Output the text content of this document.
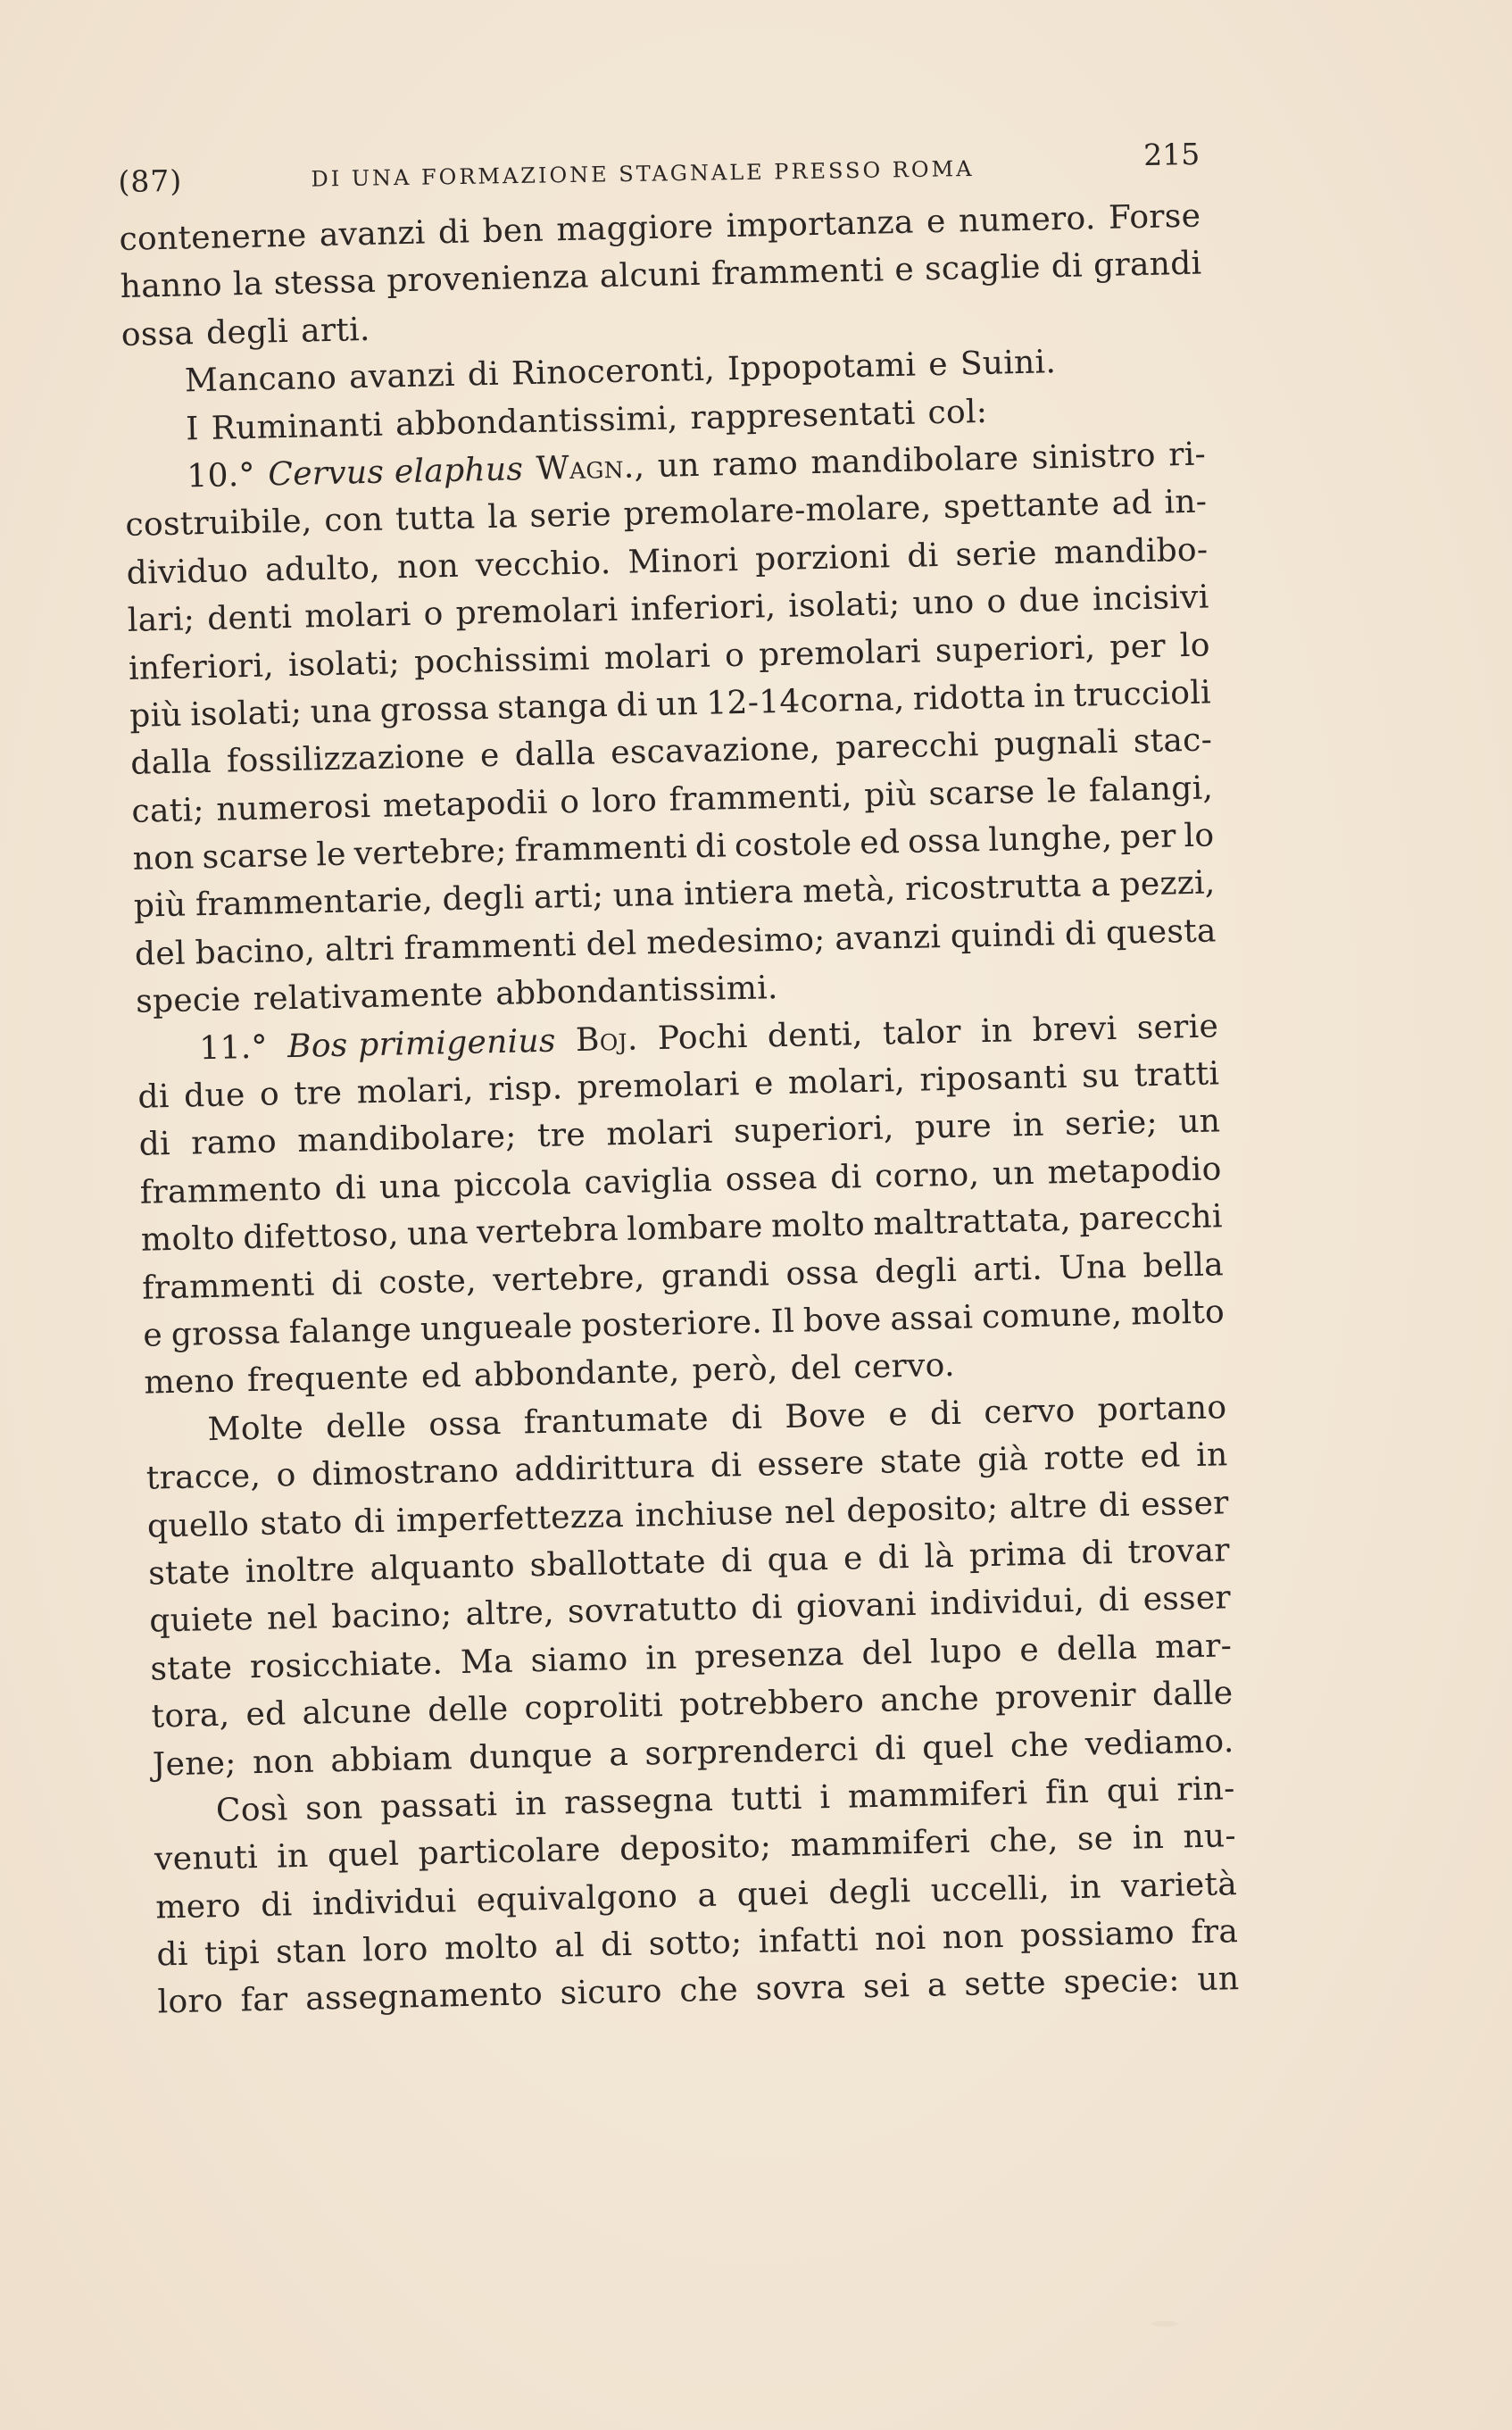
(87)	DI UNA FORMAZIONE STAGNALE PRESSO ROMA
215
contenerne avanzi di ben maggiore importanza e numero. Forse
hanno la stessa provenienza alcuni frammenti e scaglie di grandi
ossa degli arti.
Mancano avanzi di Rinoceronti, Ippopotami e Suini.
I Ruminanti abbondantissimi, rappresentati col:
10.° Cervus elaphus Wagn., un ramo mandibolare sinistro ri-
costruibile, con tutta la serie premolare-molare, spettante ad in-
dividuo adulto, non vecchio. Minori porzioni di serie mandibo-
lari; denti molari o premolari inferiori, isolati; uno o due incisivi
inferiori, isolati; pochissimi molari o premolari superiori, per lo
più isolati; una grossa stanga di un 12-14corna, ridotta in truccioli
dalla fossilizzazione e dalla escavazione, parecchi pugnali stac-
cati; numerosi metapodii o loro frammenti, più scarse le falangi,
non scarse le vertebre; frammenti di costole ed ossa lunghe, per lo
più frammentarie, degli arti; una intiera metà, ricostrutta a pezzi,
del bacino, altri frammenti del medesimo; avanzi quindi di questa
specie relativamente abbondantissimi.
11.° Bos primigenius Boj. Pochi denti, talor in brevi serie
di due o tre molari, risp. premolari e molari, riposanti su tratti
di ramo mandibolare; tre molari superiori, pure in serie; un
frammento di una piccola caviglia ossea di corno, un metapodio
molto difettoso, una vertebra lombare molto maltrattata, parecchi
frammenti di coste, vertebre, grandi ossa degli arti. Una bella
e grossa falange ungueale posteriore. Il bove assai comune, molto
meno frequente ed abbondante, però, del cervo.
Molte delle ossa frantumate di Bove e di cervo portano
tracce, o dimostrano addirittura di essere state già rotte ed in
quello stato di imperfettezza inchiuse nel deposito; altre di esser
state inoltre alquanto sballottate di qua e di là prima di trovar
quiete nel bacino; altre, sovratutto di giovani individui, di esser
state rosicchiate. Ma siamo in presenza del lupo e della mar-
tora, ed alcune delle coproliti potrebbero anche provenir dalle
Jene; non abbiam dunque a sorprenderci di quel che vediamo.
Così son passati in rassegna tutti i mammiferi fin qui rin-
venuti in quel particolare deposito; mammiferi che, se in nu-
mero di individui equivalgono a quei degli uccelli, in varietà
di tipi stan loro molto al di sotto; infatti noi non possiamo fra
loro far assegnamento sicuro che sovra sei a sette specie: un
